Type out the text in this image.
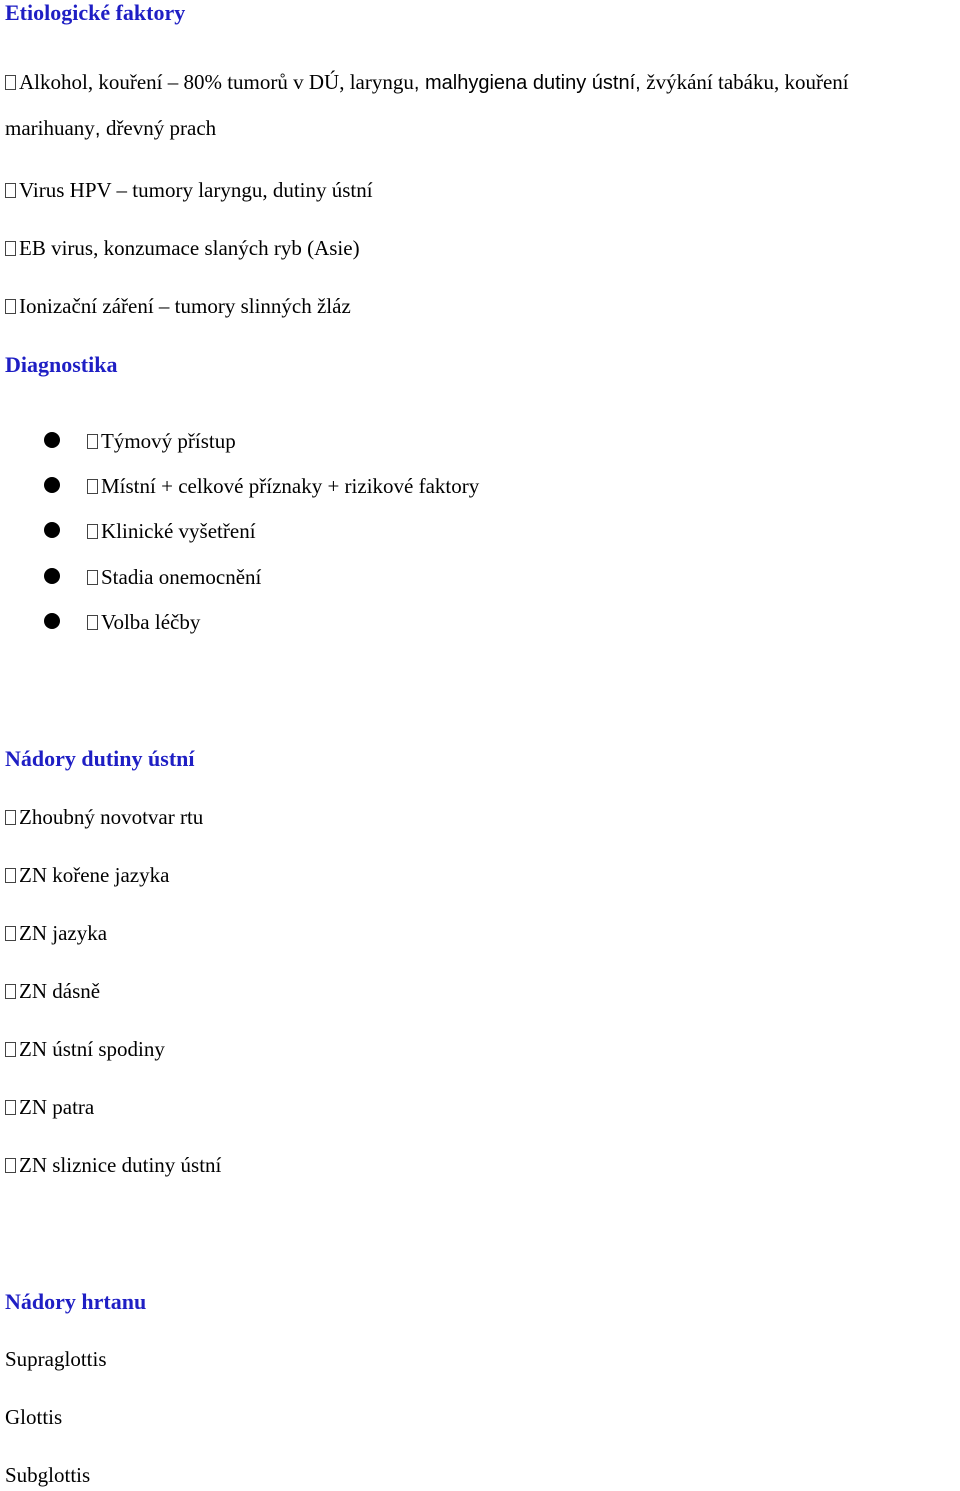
Etiologické faktory
Alkohol, kouření – 80% tumorů v DÚ, laryngu, malhygiena dutiny ústní, žvýkání tabáku, kouření
marihuany, dřevný prach
Virus HPV – tumory laryngu, dutiny ústní
EB virus, konzumace slaných ryb (Asie)
Ionizační záření – tumory slinných žláz
Diagnostika
Týmový přístup
Místní + celkové příznaky + rizikové faktory
Klinické vyšetření
Stadia onemocnění
Volba léčby
Nádory dutiny ústní
Zhoubný novotvar rtu
ZN kořene jazyka
ZN jazyka
ZN dásně
ZN ústní spodiny
ZN patra
ZN sliznice dutiny ústní
Nádory hrtanu
Supraglottis
Glottis
Subglottis
